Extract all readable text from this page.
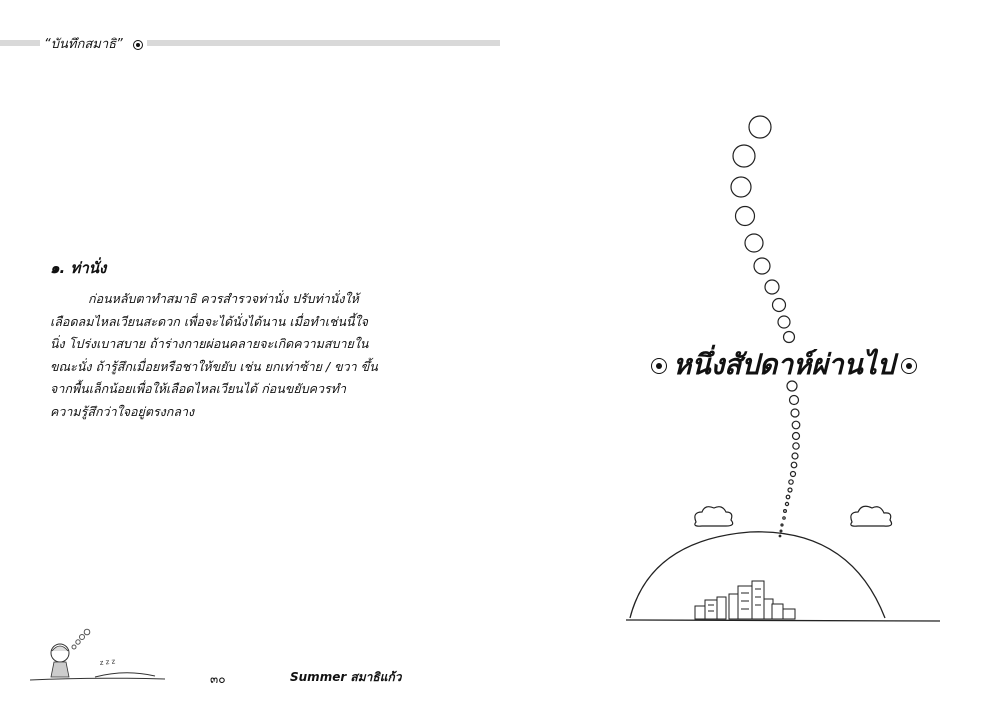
“บันทึกสมาธิ”
๑. ท่านั่ง
ก่อนหลับตาทำสมาธิ ควรสำรวจท่านั่ง ปรับท่านั่งให้
เลือดลมไหลเวียนสะดวก เพื่อจะได้นั่งได้นาน เมื่อทำเช่นนี้ใจ
นิ่ง โปร่งเบาสบาย ถ้าร่างกายผ่อนคลายจะเกิดความสบายใน
ขณะนั่ง ถ้ารู้สึกเมื่อยหรือชาให้ขยับ เช่น ยกเท่าซ้าย / ขวา ขึ้น
จากพื้นเล็กน้อยเพื่อให้เลือดไหลเวียนได้ ก่อนขยับควรทำ
ความรู้สึกว่าใจอยู่ตรงกลาง
z z z
๓๐	Summer สมาธิแก้ว
หนึ่งสัปดาห์ผ่านไป
